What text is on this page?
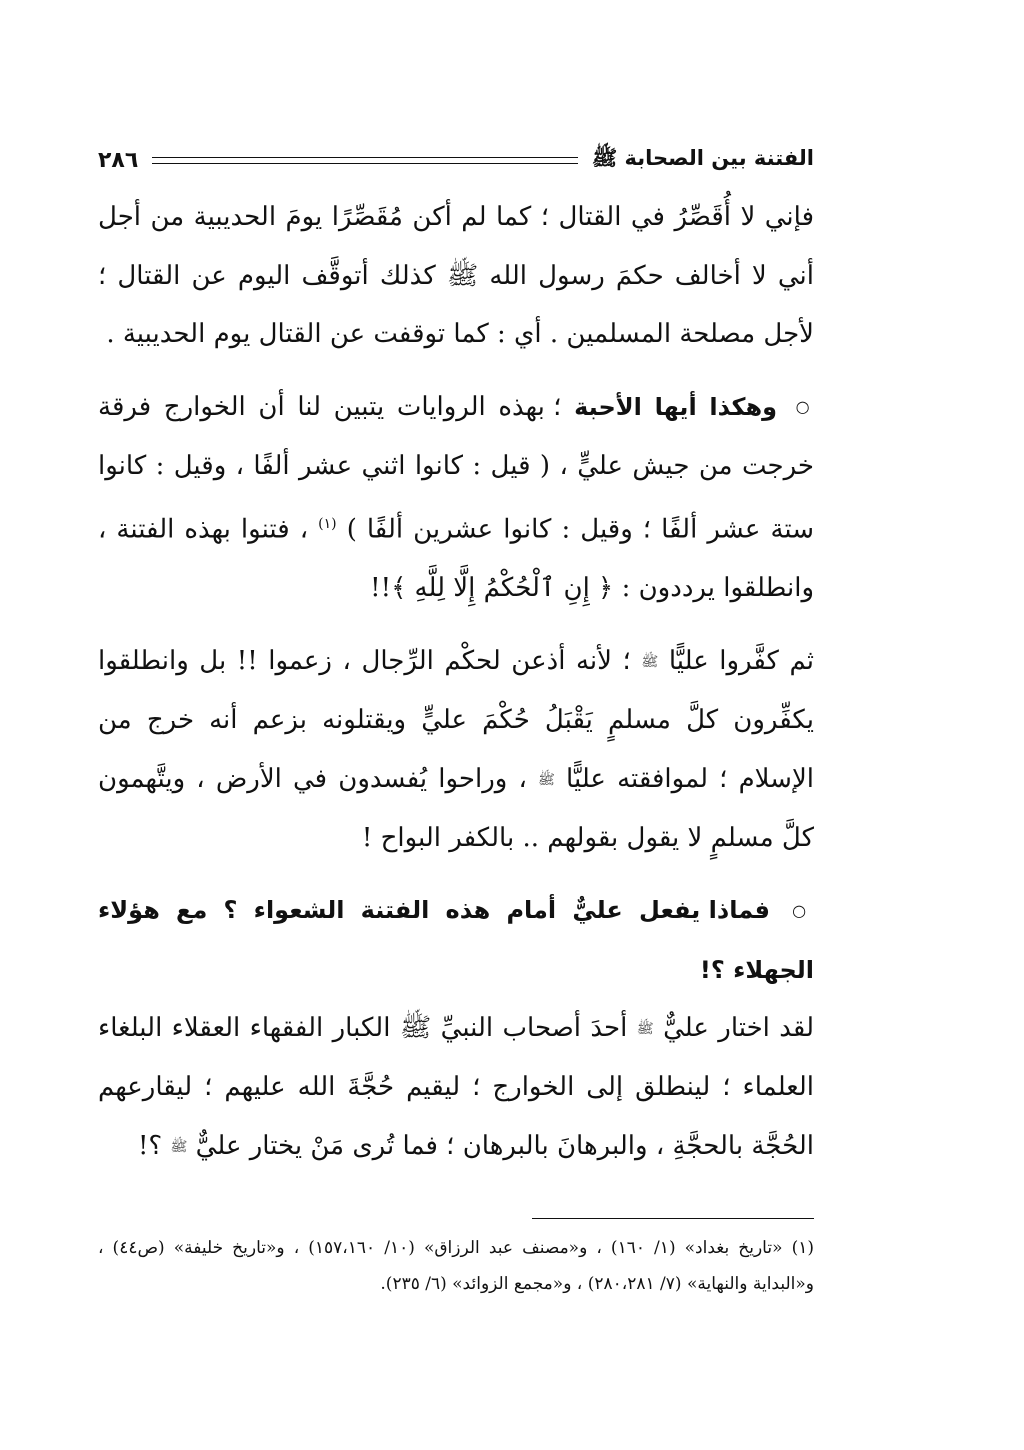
الفتنة بين الصحابة ﷺ
٢٨٦

فإني لا أُقَصِّرُ في القتال ؛ كما لم أكن مُقَصِّرًا يومَ الحديبية من أجل أني لا أخالف حكمَ رسول الله ﷺ كذلك أتوقَّف اليوم عن القتال ؛ لأجل مصلحة المسلمين . أي : كما توقفت عن القتال يوم الحديبية .

○ وهكذا أيها الأحبة ؛ بهذه الروايات يتبين لنا أن الخوارج فرقة خرجت من جيش عليٍّ ، ( قيل : كانوا اثني عشر ألفًا ، وقيل : كانوا ستة عشر ألفًا ؛ وقيل : كانوا عشرين ألفًا ) $^{(١)}$ ، فتنوا بهذه الفتنة ، وانطلقوا يرددون : ﴿ إِنِ ٱلْحُكْمُ إِلَّا لِلَّهِ ﴾!!

ثم كفَّروا عليًّا ﷺ ؛ لأنه أذعن لحكْم الرِّجال ، زعموا !! بل وانطلقوا يكفِّرون كلَّ مسلمٍ يَقْبَلُ حُكْمَ عليٍّ ويقتلونه بزعم أنه خرج من الإسلام ؛ لموافقته عليًّا ﷺ ، وراحوا يُفسدون في الأرض ، ويتَّهمون كلَّ مسلمٍ لا يقول بقولهم .. بالكفر البواح !

○ فماذا يفعل عليٌّ أمام هذه الفتنة الشعواء ؟ مع هؤلاء الجهلاء ؟!

لقد اختار عليٌّ ﷺ أحدَ أصحاب النبيِّ ﷺ الكبار الفقهاء العقلاء البلغاء العلماء ؛ لينطلق إلى الخوارج ؛ ليقيم حُجَّةَ الله عليهم ؛ ليقارعهم الحُجَّة بالحجَّةِ ، والبرهانَ بالبرهان ؛ فما تُرى مَنْ يختار عليٌّ ﷺ ؟!

(١) «تاريخ بغداد» (١/ ١٦٠) ، و«مصنف عبد الرزاق» (١٠/ ١٥٧،١٦٠) ، و«تاريخ خليفة» (ص٤٤) ، و«البداية والنهاية» (٧/ ٢٨٠،٢٨١) ، و«مجمع الزوائد» (٦/ ٢٣٥).
